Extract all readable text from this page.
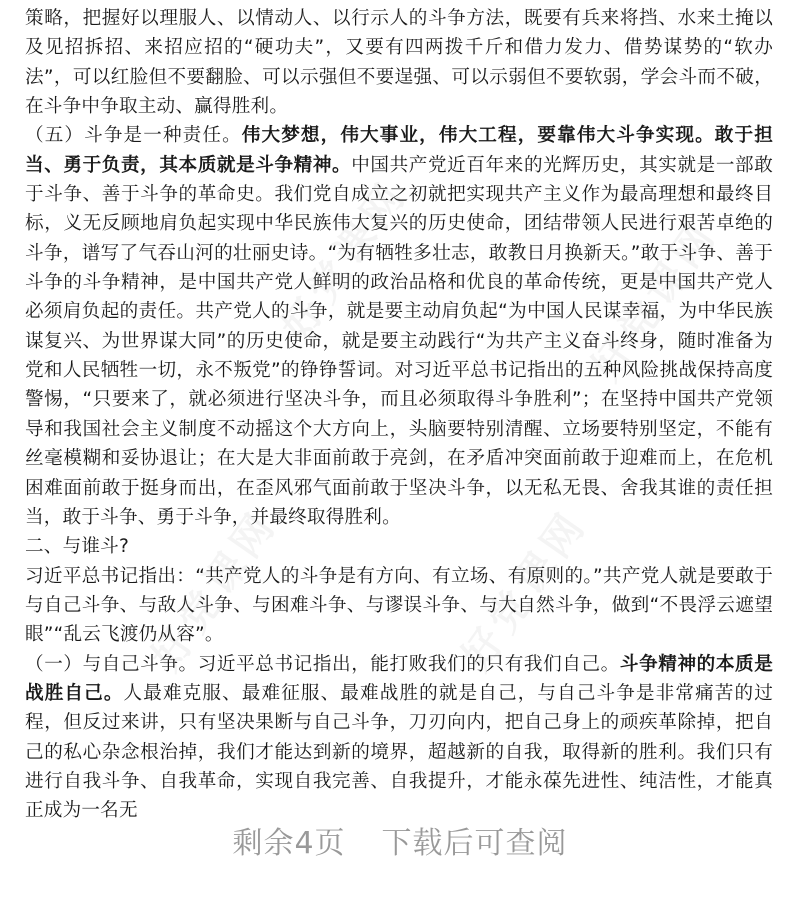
策略，把握好以理服人、以情动人、以行示人的斗争方法，既要有兵来将挡、水来土掩以及见招拆招、来招应招的“硬功夫”，又要有四两拨千斤和借力发力、借势谋势的“软办法”，可以红脸但不要翻脸、可以示强但不要逞强、可以示弱但不要软弱，学会斗而不破，在斗争中争取主动、赢得胜利。

（五）斗争是一种责任。伟大梦想，伟大事业，伟大工程，要靠伟大斗争实现。敢于担当、勇于负责，其本质就是斗争精神。中国共产党近百年来的光辉历史，其实就是一部敢于斗争、善于斗争的革命史。我们党自成立之初就把实现共产主义作为最高理想和最终目标，义无反顾地肩负起实现中华民族伟大复兴的历史使命，团结带领人民进行艰苦卓绝的斗争，谱写了气吞山河的壮丽史诗。“为有牺牲多壮志，敢教日月换新天。”敢于斗争、善于斗争的斗争精神，是中国共产党人鲜明的政治品格和优良的革命传统，更是中国共产党人必须肩负起的责任。共产党人的斗争，就是要主动肩负起“为中国人民谋幸福，为中华民族谋复兴、为世界谋大同”的历史使命，就是要主动践行“为共产主义奋斗终身，随时准备为党和人民牺牲一切，永不叛党”的铮铮誓词。对习近平总书记指出的五种风险挑战保持高度警惕，“只要来了，就必须进行坚决斗争，而且必须取得斗争胜利”；在坚持中国共产党领导和我国社会主义制度不动摇这个大方向上，头脑要特别清醒、立场要特别坚定，不能有丝毫模糊和妥协退让；在大是大非面前敢于亮剑，在矛盾冲突面前敢于迎难而上，在危机困难面前敢于挺身而出，在歪风邪气面前敢于坚决斗争，以无私无畏、舍我其谁的责任担当，敢于斗争、勇于斗争，并最终取得胜利。

二、与谁斗?

习近平总书记指出：“共产党人的斗争是有方向、有立场、有原则的。”共产党人就是要敢于与自己斗争、与敌人斗争、与困难斗争、与谬误斗争、与大自然斗争，做到“不畏浮云遮望眼”“乱云飞渡仍从容”。

（一）与自己斗争。习近平总书记指出，能打败我们的只有我们自己。斗争精神的本质是战胜自己。人最难克服、最难征服、最难战胜的就是自己，与自己斗争是非常痛苦的过程，但反过来讲，只有坚决果断与自己斗争，刀刃向内，把自己身上的顽疾革除掉，把自己的私心杂念根治掉，我们才能达到新的境界，超越新的自我，取得新的胜利。我们只有进行自我斗争、自我革命，实现自我完善、自我提升，才能永葆先进性、纯洁性，才能真正成为一名无

剩余4页 下载后可查阅
